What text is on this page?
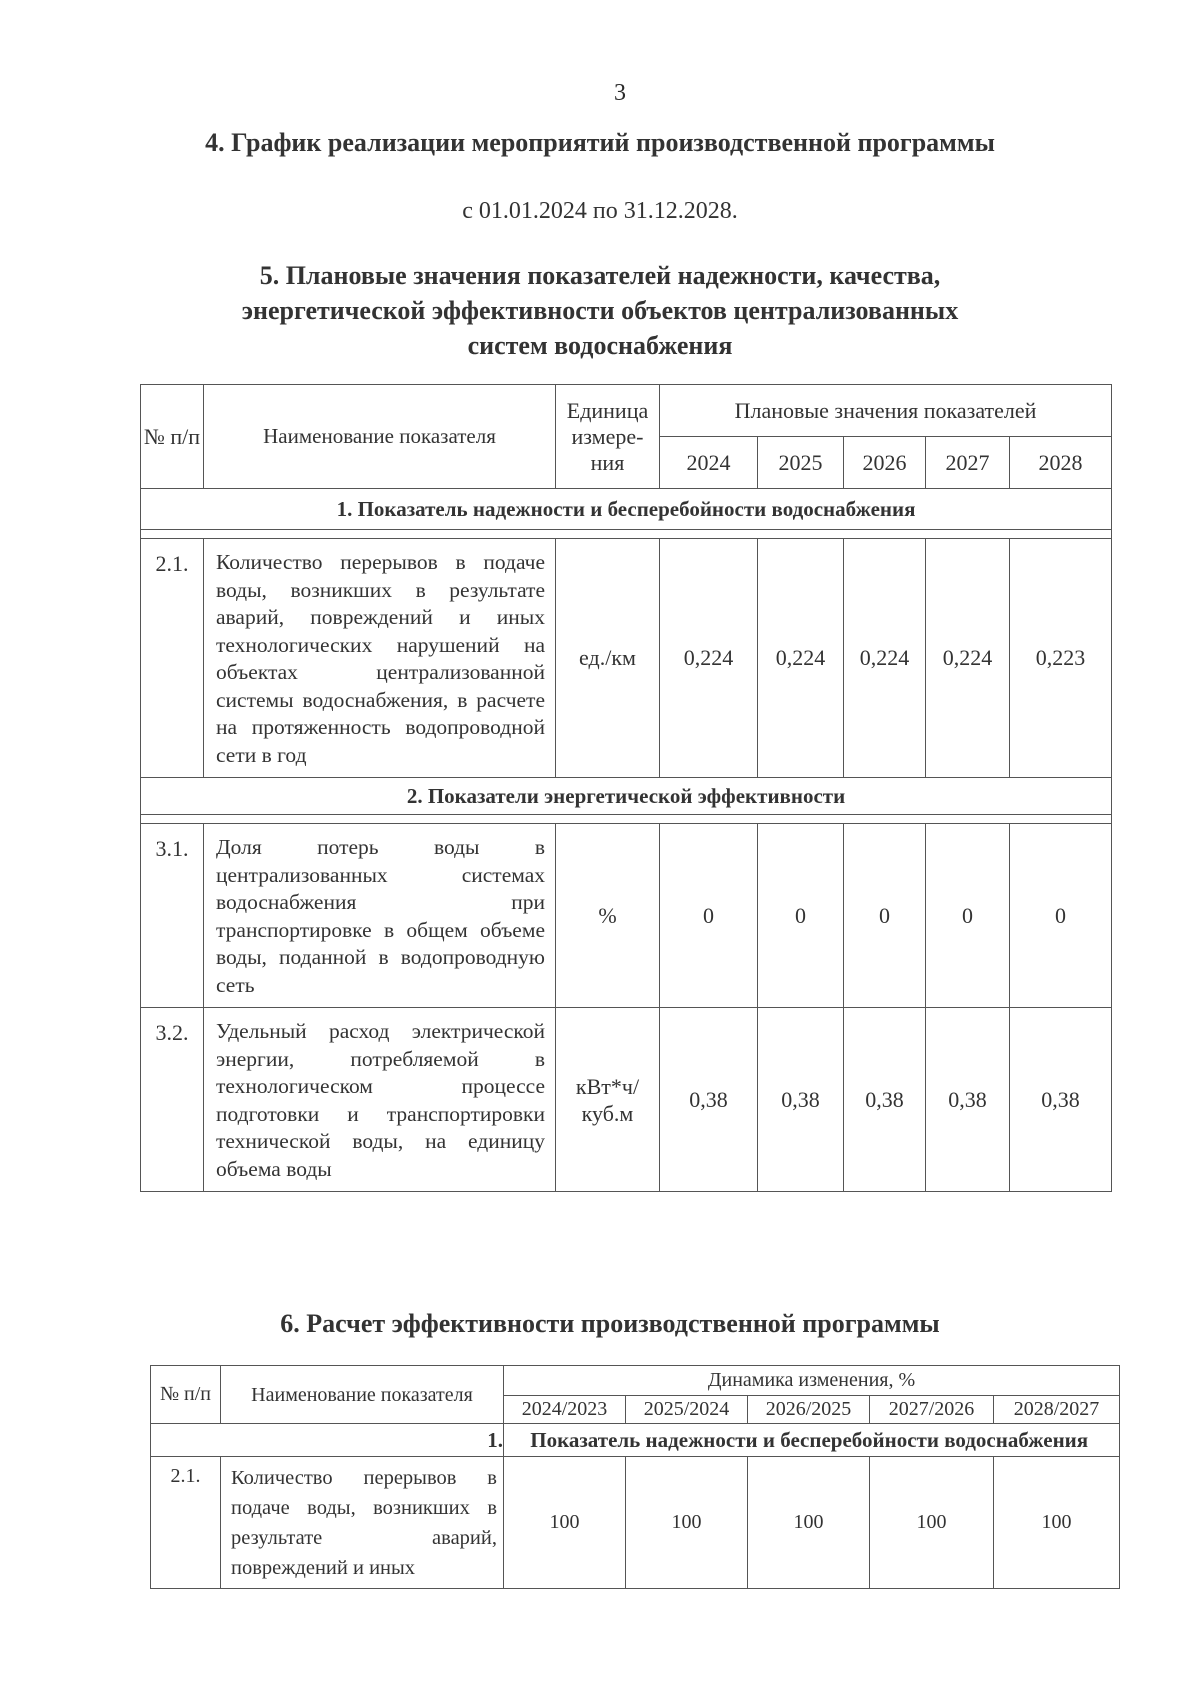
3
4. График реализации мероприятий производственной программы
с 01.01.2024 по 31.12.2028.
5. Плановые значения показателей надежности, качества,
энергетической эффективности объектов централизованных
систем водоснабжения
№ п/п	Наименование показателя	Единица измере-ния	Плановые значения показателей				
			2024	2025	2026	2027	2028
1. Показатель надежности и бесперебойности водоснабжения							

2.1.	Количество перерывов в подаче воды, возникших в результате аварий, повреждений и иных технологических нарушений на объектах централизованной системы водоснабжения, в расчете на протяженность водопроводной сети в год	ед./км	0,224	0,224	0,224	0,224	0,223
2. Показатели энергетической эффективности							

3.1.	Доля потерь воды в централизованных системах водоснабжения при транспортировке в общем объеме воды, поданной в водопроводную сеть	%	0	0	0	0	0
3.2.	Удельный расход электрической энергии, потребляемой в технологическом процессе подготовки и транспортировки технической воды, на единицу объема воды	кВт*ч/ куб.м	0,38	0,38	0,38	0,38	0,38
6. Расчет эффективности производственной программы
№ п/п	Наименование показателя	Динамика изменения, %				
		2024/2023	2025/2024	2026/2025	2027/2026	2028/2027
1.		Показатель надежности и бесперебойности водоснабжения				
2.1.	Количество перерывов в подаче воды, возникших в результате аварий, повреждений и иных	100	100	100	100	100
